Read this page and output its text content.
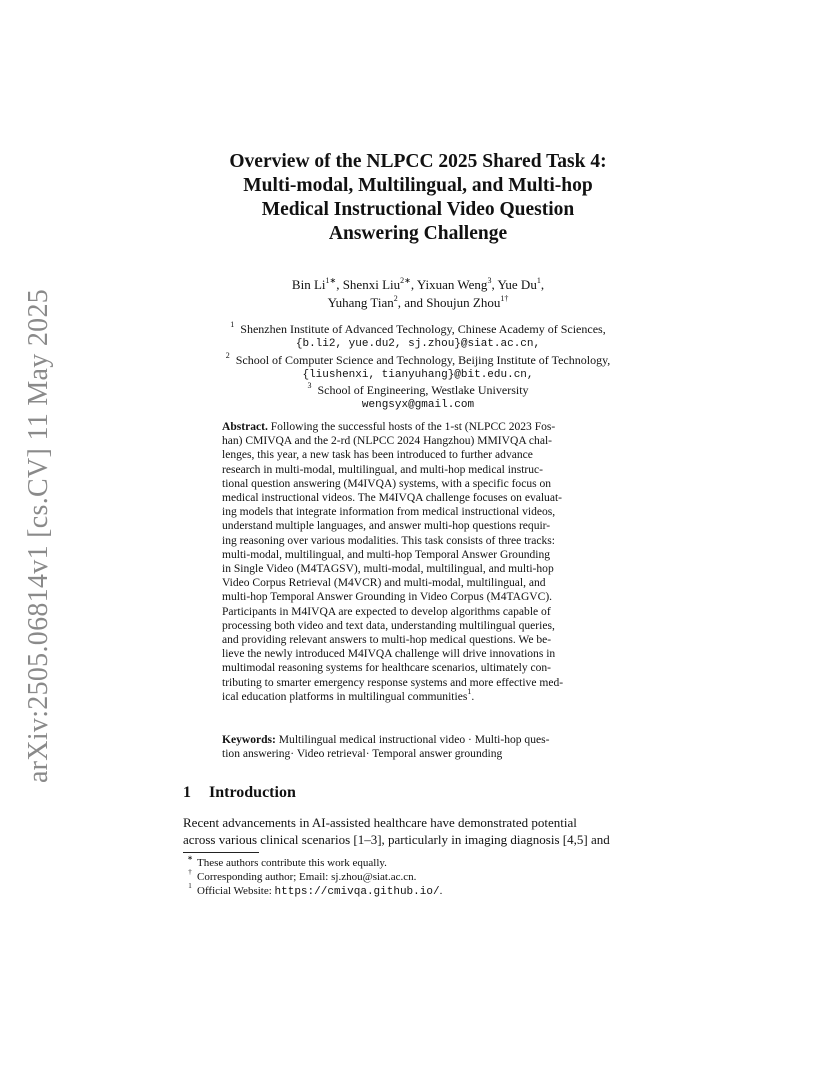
arXiv:2505.06814v1 [cs.CV] 11 May 2025
Overview of the NLPCC 2025 Shared Task 4:
Multi-modal, Multilingual, and Multi-hop
Medical Instructional Video Question
Answering Challenge
Bin $Li^{1∗}$, Shenxi Liu$^{2∗}$, Yixuan Weng$^3$, Yue Du$^1$,
Yuhang Tian$^2$, and Shoujun Zhou$^{1\dagger}$
$^1$ Shenzhen Institute of Advanced Technology, Chinese Academy of Sciences,
{b.li2, yue.du2, sj.zhou}@siat.ac.cn,
$^2$ School of Computer Science and Technology, Beijing Institute of Technology,
{liushenxi, tianyuhang}@bit.edu.cn,
$^3$ School of Engineering, Westlake University
wengsyx@gmail.com
Abstract. Following the successful hosts of the 1-st (NLPCC 2023 Fos-
han) CMIVQA and the 2-rd (NLPCC 2024 Hangzhou) MMIVQA chal-
lenges, this year, a new task has been introduced to further advance
research in multi-modal, multilingual, and multi-hop medical instruc-
tional question answering (M4IVQA) systems, with a specific focus on
medical instructional videos. The M4IVQA challenge focuses on evaluat-
ing models that integrate information from medical instructional videos,
understand multiple languages, and answer multi-hop questions requir-
ing reasoning over various modalities. This task consists of three tracks:
multi-modal, multilingual, and multi-hop Temporal Answer Grounding
in Single Video (M4TAGSV), multi-modal, multilingual, and multi-hop
Video Corpus Retrieval (M4VCR) and multi-modal, multilingual, and
multi-hop Temporal Answer Grounding in Video Corpus (M4TAGVC).
Participants in M4IVQA are expected to develop algorithms capable of
processing both video and text data, understanding multilingual queries,
and providing relevant answers to multi-hop medical questions. We be-
lieve the newly introduced M4IVQA challenge will drive innovations in
multimodal reasoning systems for healthcare scenarios, ultimately con-
tributing to smarter emergency response systems and more effective med-
ical education platforms in multilingual communities$^1$.
Keywords: Multilingual medical instructional video · Multi-hop ques-
tion answering· Video retrieval· Temporal answer grounding
1 Introduction
Recent advancements in AI-assisted healthcare have demonstrated potential
across various clinical scenarios [1–3], particularly in imaging diagnosis [4,5] and
∗ These authors contribute this work equally.
† Corresponding author; Email: sj.zhou@siat.ac.cn.
$^1$ Official Website: https://cmivqa.github.io/.
